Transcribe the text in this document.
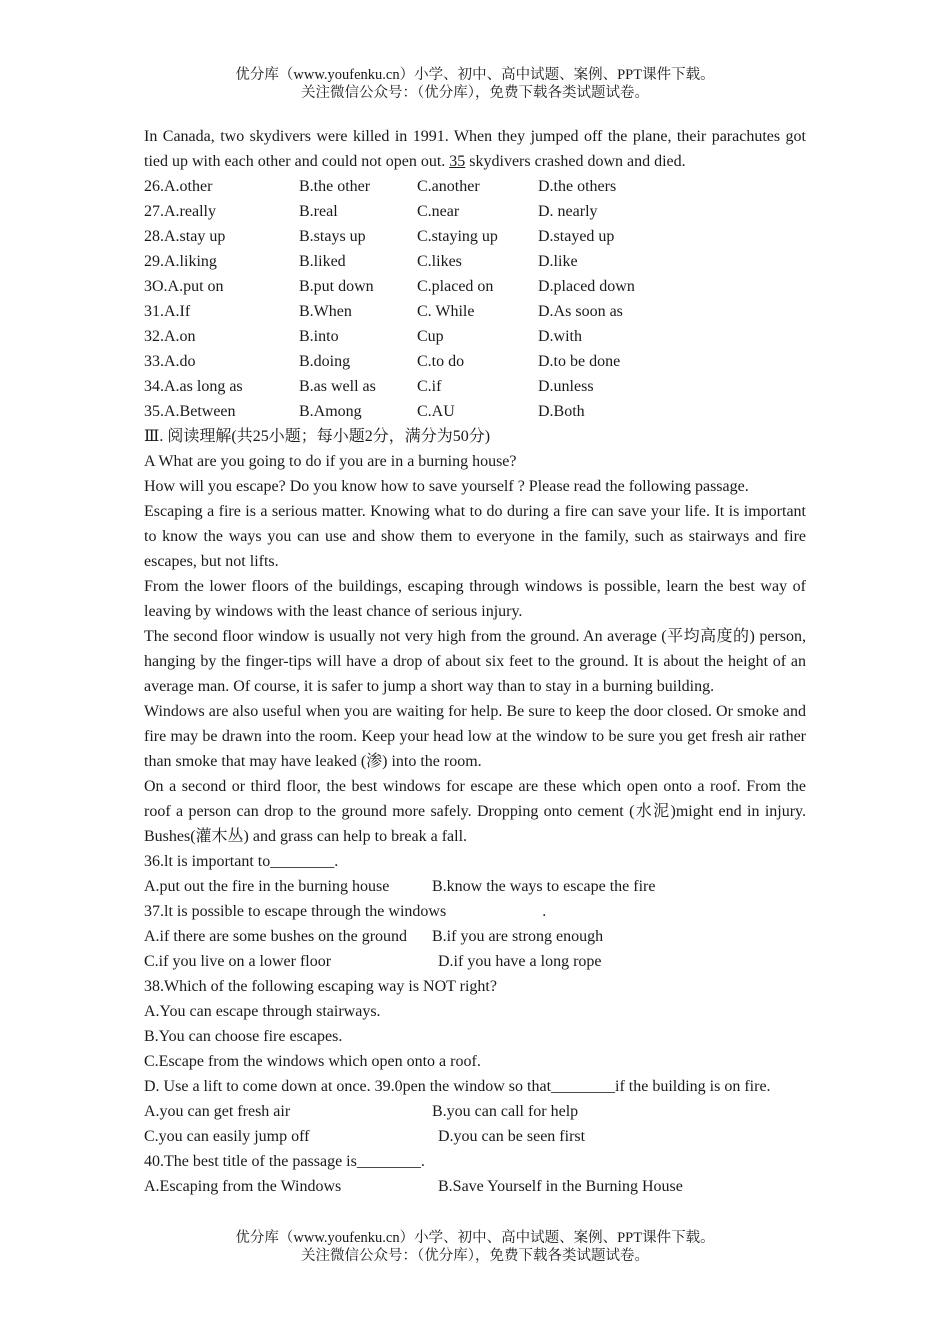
优分库（www.youfenku.cn）小学、初中、高中试题、案例、PPT课件下载。
关注微信公众号：（优分库），免费下载各类试题试卷。

In Canada, two skydivers were killed in 1991. When they jumped off the plane, their parachutes got tied up with each other and could not open out. 35 skydivers crashed down and died.

26.A.other	B.the other	C.another	D.the others
27.A.really	B.real	C.near	D. nearly
28.A.stay up	B.stays up	C.staying up	D.stayed up
29.A.liking	B.liked	C.likes	D.like
3O.A.put on	B.put down	C.placed on	D.placed down
31.A.If	B.When	C. While	D.As soon as
32.A.on	B.into	Cup	D.with
33.A.do	B.doing	C.to do	D.to be done
34.A.as long as	B.as well as	C.if	D.unless
35.A.Between	B.Among	C.AU	D.Both

Ⅲ. 阅读理解(共25小题；每小题2分，满分为50分)

A What are you going to do if you are in a burning house?

How will you escape? Do you know how to save yourself ? Please read the following passage.

Escaping a fire is a serious matter. Knowing what to do during a fire can save your life. It is important to know the ways you can use and show them to everyone in the family, such as stairways and fire escapes, but not lifts.

From the lower floors of the buildings, escaping through windows is possible, learn the best way of leaving by windows with the least chance of serious injury.

The second floor window is usually not very high from the ground. An average (平均高度的) person, hanging by the finger-tips will have a drop of about six feet to the ground. It is about the height of an average man. Of course, it is safer to jump a short way than to stay in a burning building.

Windows are also useful when you are waiting for help. Be sure to keep the door closed. Or smoke and fire may be drawn into the room. Keep your head low at the window to be sure you get fresh air rather than smoke that may have leaked (渗) into the room.

On a second or third floor, the best windows for escape are these which open onto a roof. From the roof a person can drop to the ground more safely. Dropping onto cement (水泥)might end in injury. Bushes(灌木丛) and grass can help to break a fall.

36.lt is important to________.

A.put out the fire in the burning house	B.know the ways to escape the fire

37.lt is possible to escape through the windows	.

A.if there are some bushes on the ground	B.if you are strong enough
C.if you live on a lower floor	D.if you have a long rope

38.Which of the following escaping way is NOT right?

A.You can escape through stairways.

B.You can choose fire escapes.

C.Escape from the windows which open onto a roof.

D. Use a lift to come down at once. 39.0pen the window so that________if the building is on fire.

A.you can get fresh air	B.you can call for help
C.you can easily jump off	D.you can be seen first

40.The best title of the passage is________.

A.Escaping from the Windows	B.Save Yourself in the Burning House
优分库（www.youfenku.cn）小学、初中、高中试题、案例、PPT课件下载。
关注微信公众号：（优分库），免费下载各类试题试卷。
